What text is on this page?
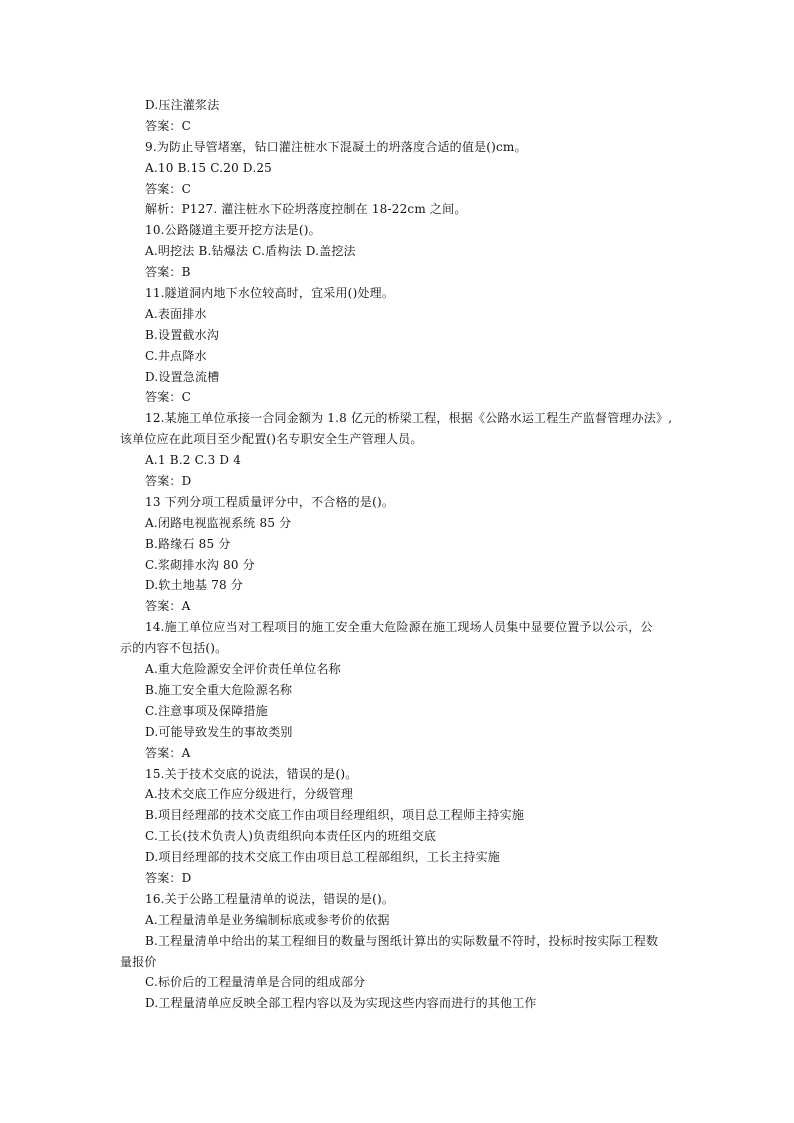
D.压注灌浆法
答案：C
9.为防止导管堵塞，钻口灌注桩水下混凝土的坍落度合适的值是()cm。
A.10 B.15 C.20 D.25
答案：C
解析：P127. 灌注桩水下砼坍落度控制在 18-22cm 之间。
10.公路隧道主要开挖方法是()。
A.明挖法 B.钻爆法 C.盾构法 D.盖挖法
答案：B
11.隧道洞内地下水位较高时，宜采用()处理。
A.表面排水
B.设置截水沟
C.井点降水
D.设置急流槽
答案：C
12.某施工单位承接一合同金额为 1.8 亿元的桥梁工程，根据《公路水运工程生产监督管理办法》,
该单位应在此项目至少配置()名专职安全生产管理人员。
A.1 B.2 C.3 D 4
答案：D
13 下列分项工程质量评分中，不合格的是()。
A.闭路电视监视系统 85 分
B.路缘石 85 分
C.浆砌排水沟 80 分
D.软土地基 78 分
答案：A
14.施工单位应当对工程项目的施工安全重大危险源在施工现场人员集中显要位置予以公示，公
示的内容不包括()。
A.重大危险源安全评价责任单位名称
B.施工安全重大危险源名称
C.注意事项及保障措施
D.可能导致发生的事故类别
答案：A
15.关于技术交底的说法，错误的是()。
A.技术交底工作应分级进行，分级管理
B.项目经理部的技术交底工作由项目经理组织，项目总工程师主持实施
C.工长(技术负责人)负责组织向本责任区内的班组交底
D.项目经理部的技术交底工作由项目总工程部组织，工长主持实施
答案：D
16.关于公路工程量清单的说法，错误的是()。
A.工程量清单是业务编制标底或参考价的依据
B.工程量清单中给出的某工程细目的数量与图纸计算出的实际数量不符时，投标时按实际工程数
量报价
C.标价后的工程量清单是合同的组成部分
D.工程量清单应反映全部工程内容以及为实现这些内容而进行的其他工作
